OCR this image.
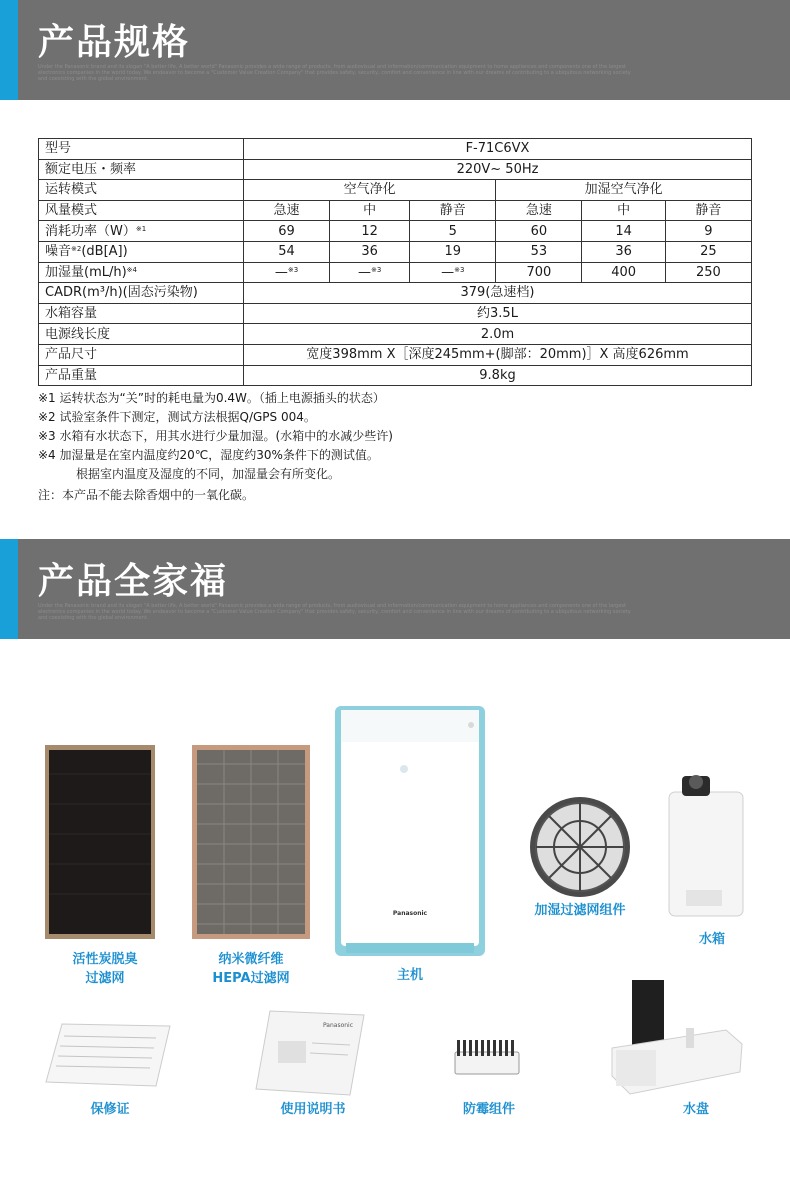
产品规格
Under the Panasonic brand and its slogan "A better life, A better world" Panasonic provides a wide range of products, from audiovisual and information/communication equipment to home appliances and components one of the largest electronics companies in the world today. We endeavor to become a "Customer Value Creation Company" that provides safety, security, comfort and convenience in line with our dreams of contributing to a ubiquitous networking society and coexisting with the global environment.
型号	F-71C6VX					
额定电压・频率	220V~ 50Hz					
运转模式	空气净化			加湿空气净化		
风量模式	急速	中	静音	急速	中	静音
消耗功率$(W)^{※1}$	69	12	5	60	14	9
噪音$^{※2}$(dB[A])	54	36	19	53	36	25
加湿量$(mL/h)^{※4}$	—$^{※3}$	—$^{※3}$	—$^{※3}$	700	400	250
CADR(m³/h)(固态污染物)	379(急速档)					
水箱容量	约3.5L					
电源线长度	2.0m					
产品尺寸	宽度398mm X［深度245mm+(脚部：20mm)］X 高度626mm					
产品重量	9.8kg					
※1 运转状态为“关”时的耗电量为0.4W。（插上电源插头的状态）
※2 试验室条件下测定，测试方法根据Q/GPS 004。
※3 水箱有水状态下，用其水进行少量加湿。(水箱中的水减少些许)
※4 加湿量是在室内温度约20℃，湿度约30%条件下的测试值。
根据室内温度及湿度的不同，加湿量会有所变化。
注：本产品不能去除香烟中的一氧化碳。
产品全家福
Under the Panasonic brand and its slogan "A better life, A better world" Panasonic provides a wide range of products, from audiovisual and information/communication equipment to home appliances and components one of the largest electronics companies in the world today. We endeavor to become a "Customer Value Creation Company" that provides safety, security, comfort and convenience in line with our dreams of contributing to a ubiquitous networking society and coexisting with the global environment.
活性炭脱臭
过滤网
纳米微纤维
HEPA过滤网
Panasonic
主机
加湿过滤网组件
水箱
保修证
Panasonic
使用说明书	防霉组件	水盘
